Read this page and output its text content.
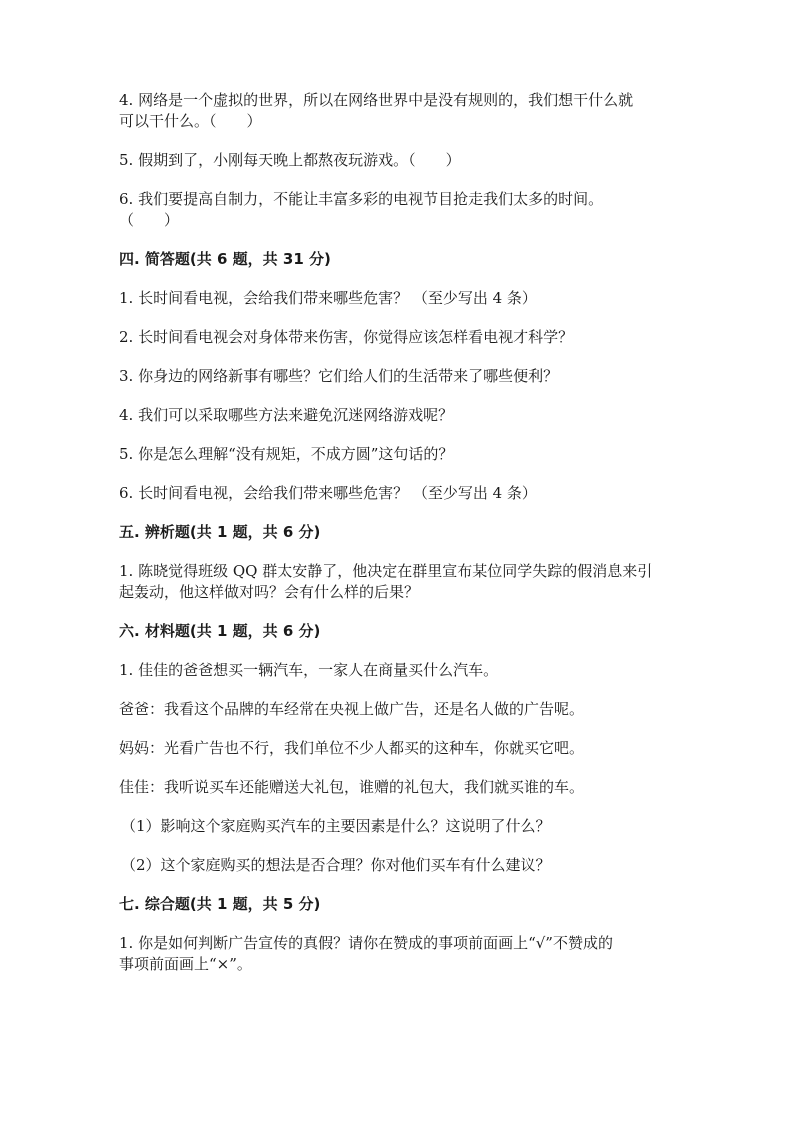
4. 网络是一个虚拟的世界，所以在网络世界中是没有规则的，我们想干什么就

可以干什么。（　　）

5. 假期到了，小刚每天晚上都熬夜玩游戏。（　　）

6. 我们要提高自制力，不能让丰富多彩的电视节目抢走我们太多的时间。

（　　）

四. 简答题(共 6 题，共 31 分)

1. 长时间看电视，会给我们带来哪些危害？ （至少写出 4 条）

2. 长时间看电视会对身体带来伤害，你觉得应该怎样看电视才科学？

3. 你身边的网络新事有哪些？它们给人们的生活带来了哪些便利？

4. 我们可以采取哪些方法来避免沉迷网络游戏呢？

5. 你是怎么理解“没有规矩，不成方圆”这句话的？

6. 长时间看电视，会给我们带来哪些危害？ （至少写出 4 条）

五. 辨析题(共 1 题，共 6 分)

1. 陈晓觉得班级 QQ 群太安静了，他决定在群里宣布某位同学失踪的假消息来引

起轰动，他这样做对吗？会有什么样的后果？

六. 材料题(共 1 题，共 6 分)

1. 佳佳的爸爸想买一辆汽车，一家人在商量买什么汽车。

爸爸：我看这个品牌的车经常在央视上做广告，还是名人做的广告呢。

妈妈：光看广告也不行，我们单位不少人都买的这种车，你就买它吧。

佳佳：我听说买车还能赠送大礼包，谁赠的礼包大，我们就买谁的车。

（1）影响这个家庭购买汽车的主要因素是什么？这说明了什么？

（2）这个家庭购买的想法是否合理？你对他们买车有什么建议？

七. 综合题(共 1 题，共 5 分)

1. 你是如何判断广告宣传的真假？请你在赞成的事项前面画上“√”不赞成的

事项前面画上“×”。
